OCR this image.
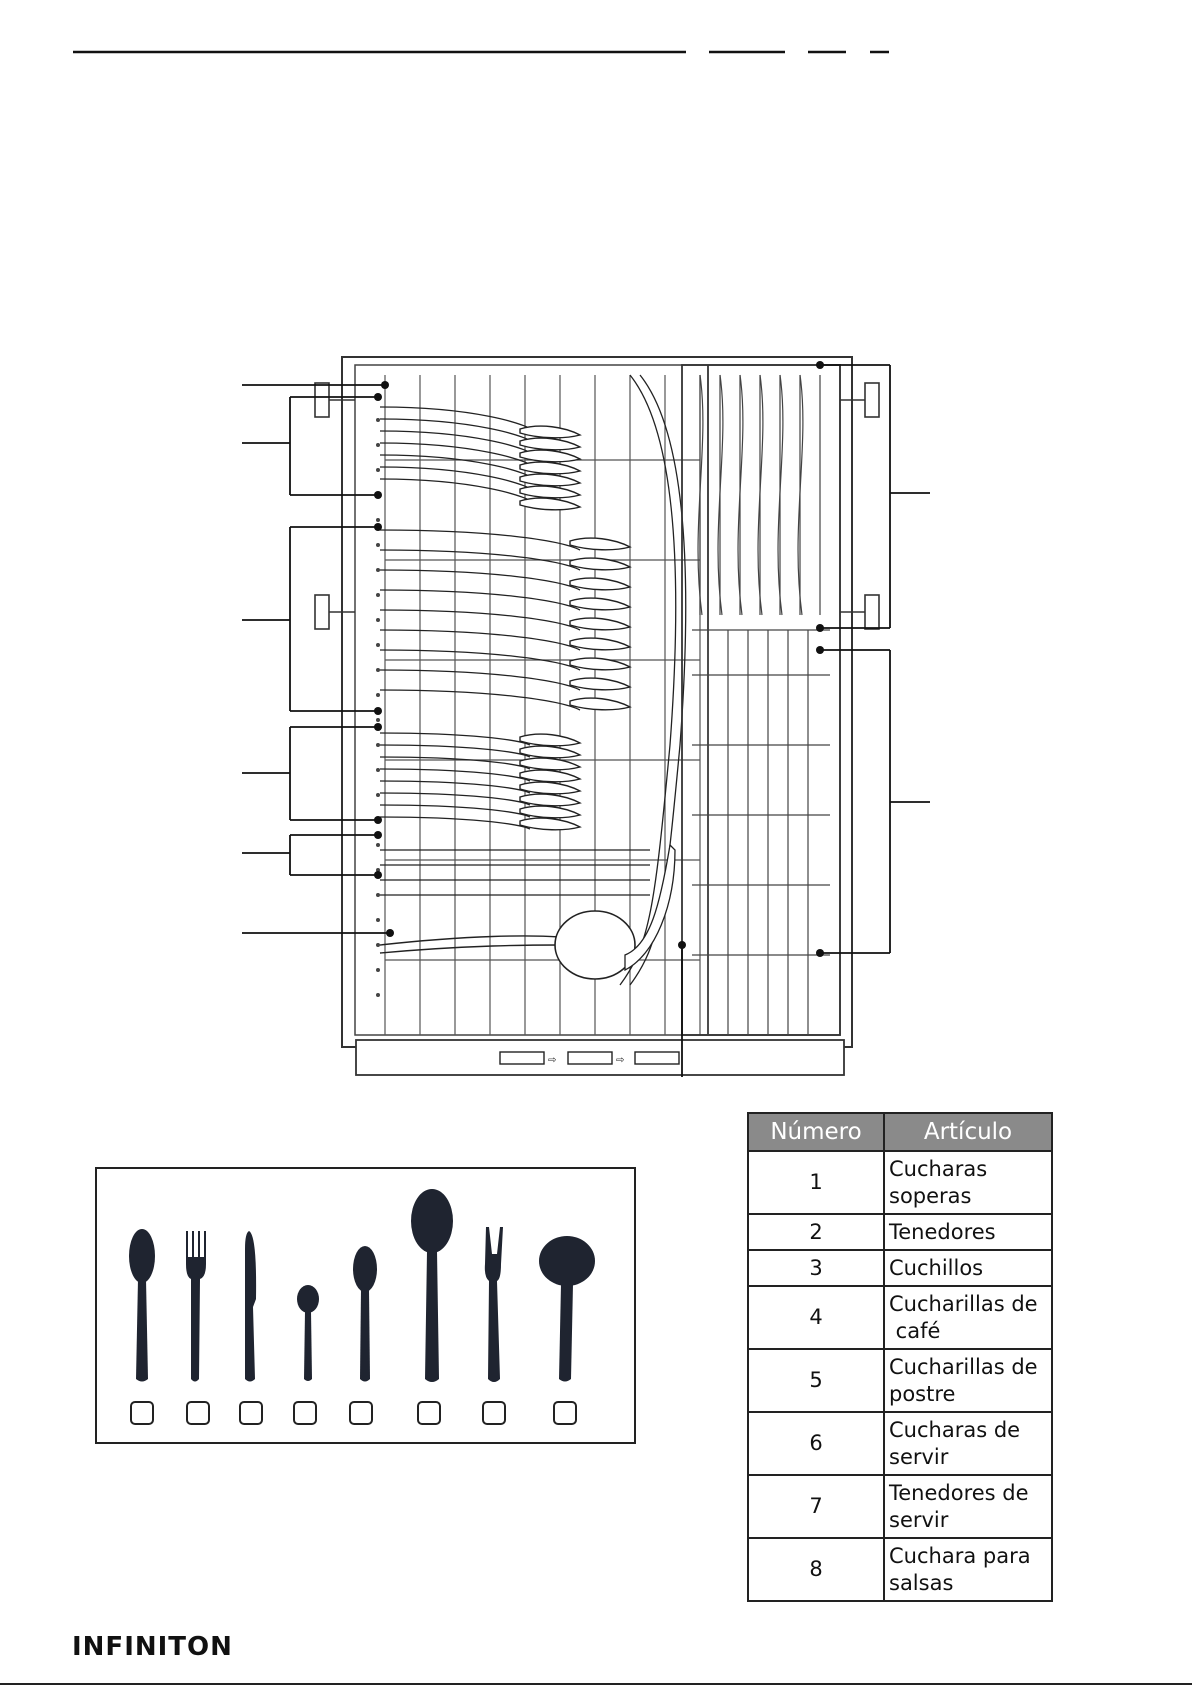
⇨	⇨
Número	Artículo
1	Cucharas
soperas
2	Tenedores
3	Cuchillos
4	Cucharillas de
café
5	Cucharillas de
postre
6	Cucharas de
servir
7	Tenedores de
servir
8	Cuchara para
salsas
INFINITON
